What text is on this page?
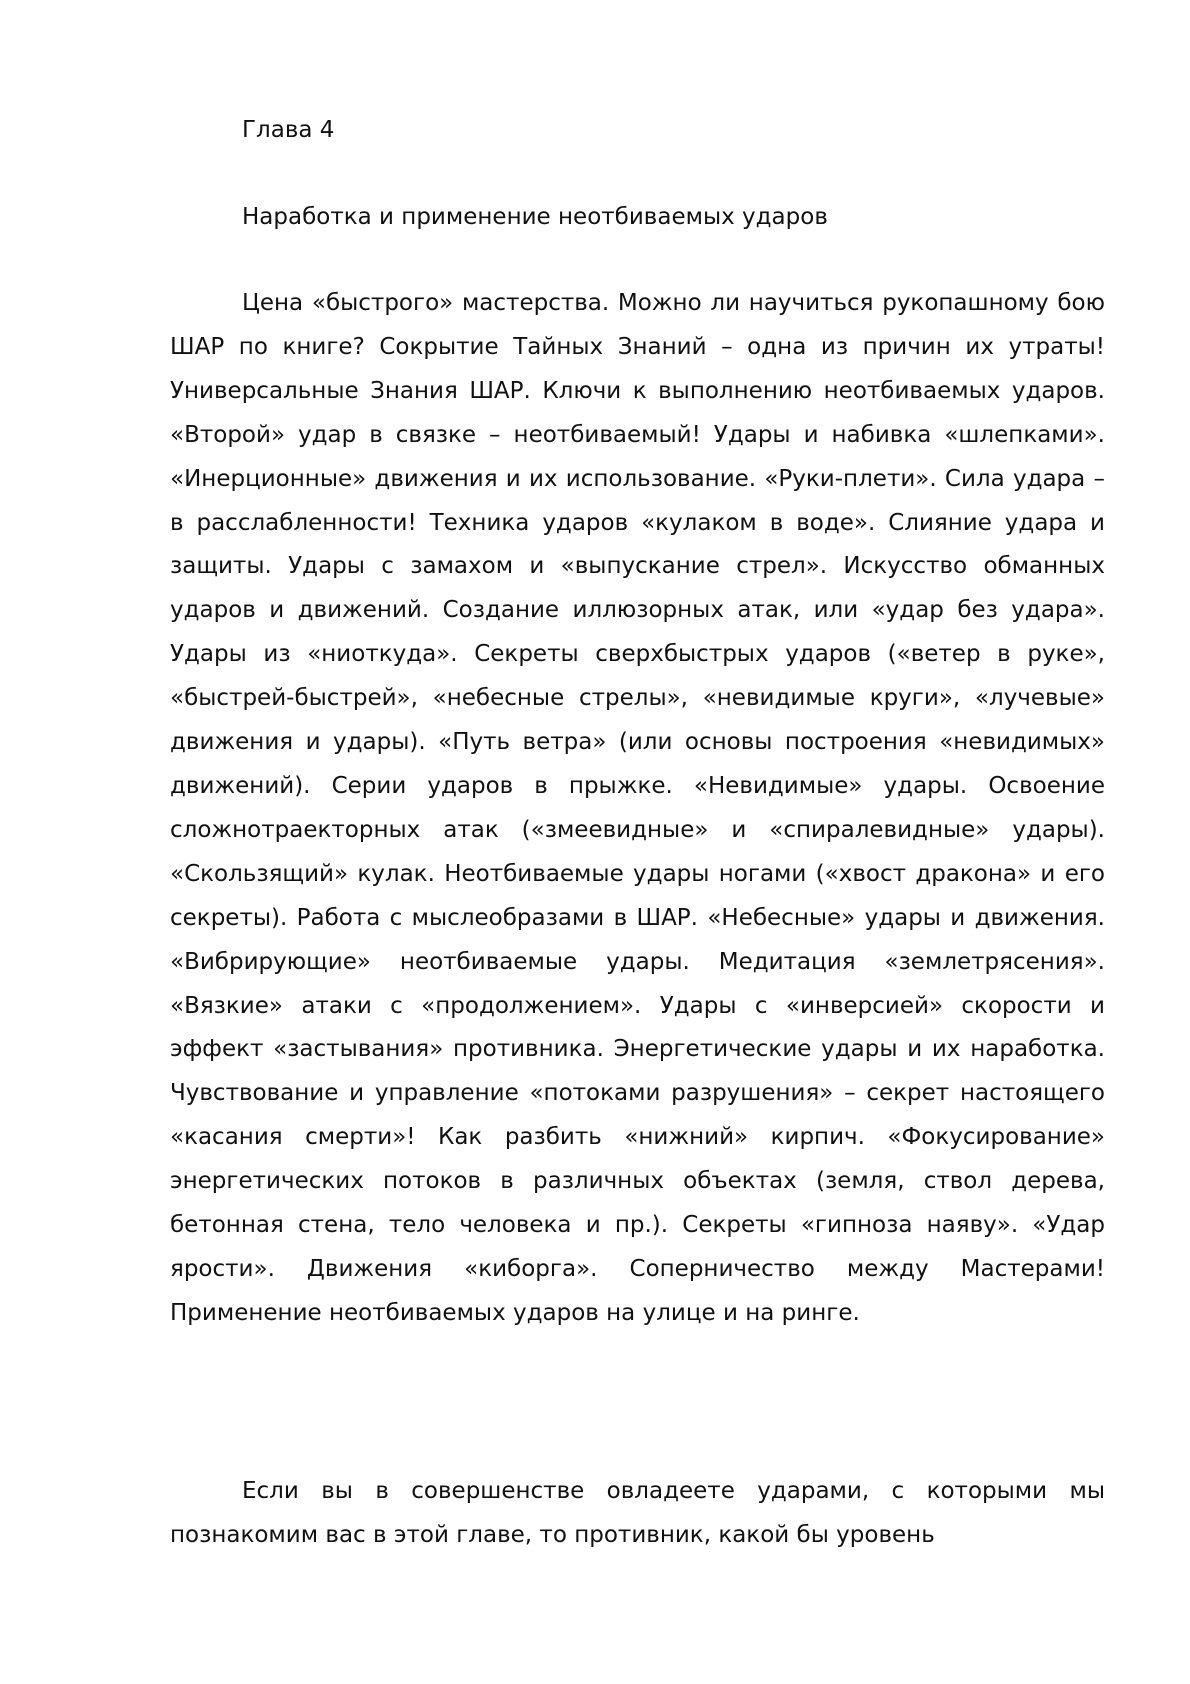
Глава 4
Наработка и применение неотбиваемых ударов

Цена «быстрого» мастерства. Можно ли научиться рукопашному бою ШАР по книге? Сокрытие Тайных Знаний – одна из причин их утраты! Универсальные Знания ШАР. Ключи к выполнению неотбиваемых ударов. «Второй» удар в связке – неотбиваемый! Удары и набивка «шлепками». «Инерционные» движения и их использование. «Руки-плети». Сила удара – в расслабленности! Техника ударов «кулаком в воде». Слияние удара и защиты. Удары с замахом и «выпускание стрел». Искусство обманных ударов и движений. Создание иллюзорных атак, или «удар без удара». Удары из «ниоткуда». Секреты сверхбыстрых ударов («ветер в руке», «быстрей-быстрей», «небесные стрелы», «невидимые круги», «лучевые» движения и удары). «Путь ветра» (или основы построения «невидимых» движений). Серии ударов в прыжке. «Невидимые» удары. Освоение сложнотраекторных атак («змеевидные» и «спиралевидные» удары). «Скользящий» кулак. Неотбиваемые удары ногами («хвост дракона» и его секреты). Работа с мыслеобразами в ШАР. «Небесные» удары и движения. «Вибрирующие» неотбиваемые удары. Медитация «землетрясения». «Вязкие» атаки с «продолжением». Удары с «инверсией» скорости и эффект «застывания» противника. Энергетические удары и их наработка. Чувствование и управление «потоками разрушения» – секрет настоящего «касания смерти»! Как разбить «нижний» кирпич. «Фокусирование» энергетических потоков в различных объектах (земля, ствол дерева, бетонная стена, тело человека и пр.). Секреты «гипноза наяву». «Удар ярости». Движения «киборга». Соперничество между Мастерами! Применение неотбиваемых ударов на улице и на ринге.

Если вы в совершенстве овладеете ударами, с которыми мы познакомим вас в этой главе, то противник, какой бы уровень
